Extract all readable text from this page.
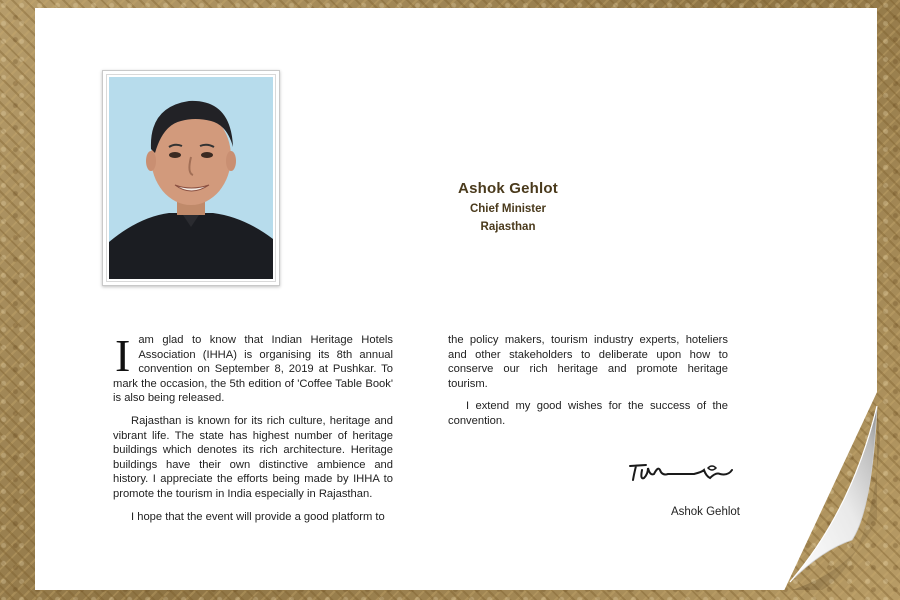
Ashok Gehlot
Chief Minister
Rajasthan

I am glad to know that Indian Heritage Hotels Association (IHHA) is organising its 8th annual convention on September 8, 2019 at Pushkar. To mark the occasion, the 5th edition of 'Coffee Table Book' is also being released.

Rajasthan is known for its rich culture, heritage and vibrant life. The state has highest number of heritage buildings which denotes its rich architecture. Heritage buildings have their own distinctive ambience and history. I appreciate the efforts being made by IHHA to promote the tourism in India especially in Rajasthan.

I hope that the event will provide a good platform to

the policy makers, tourism industry experts, hoteliers and other stakeholders to deliberate upon how to conserve our rich heritage and promote heritage tourism.

I extend my good wishes for the success of the convention.

Ashok Gehlot
